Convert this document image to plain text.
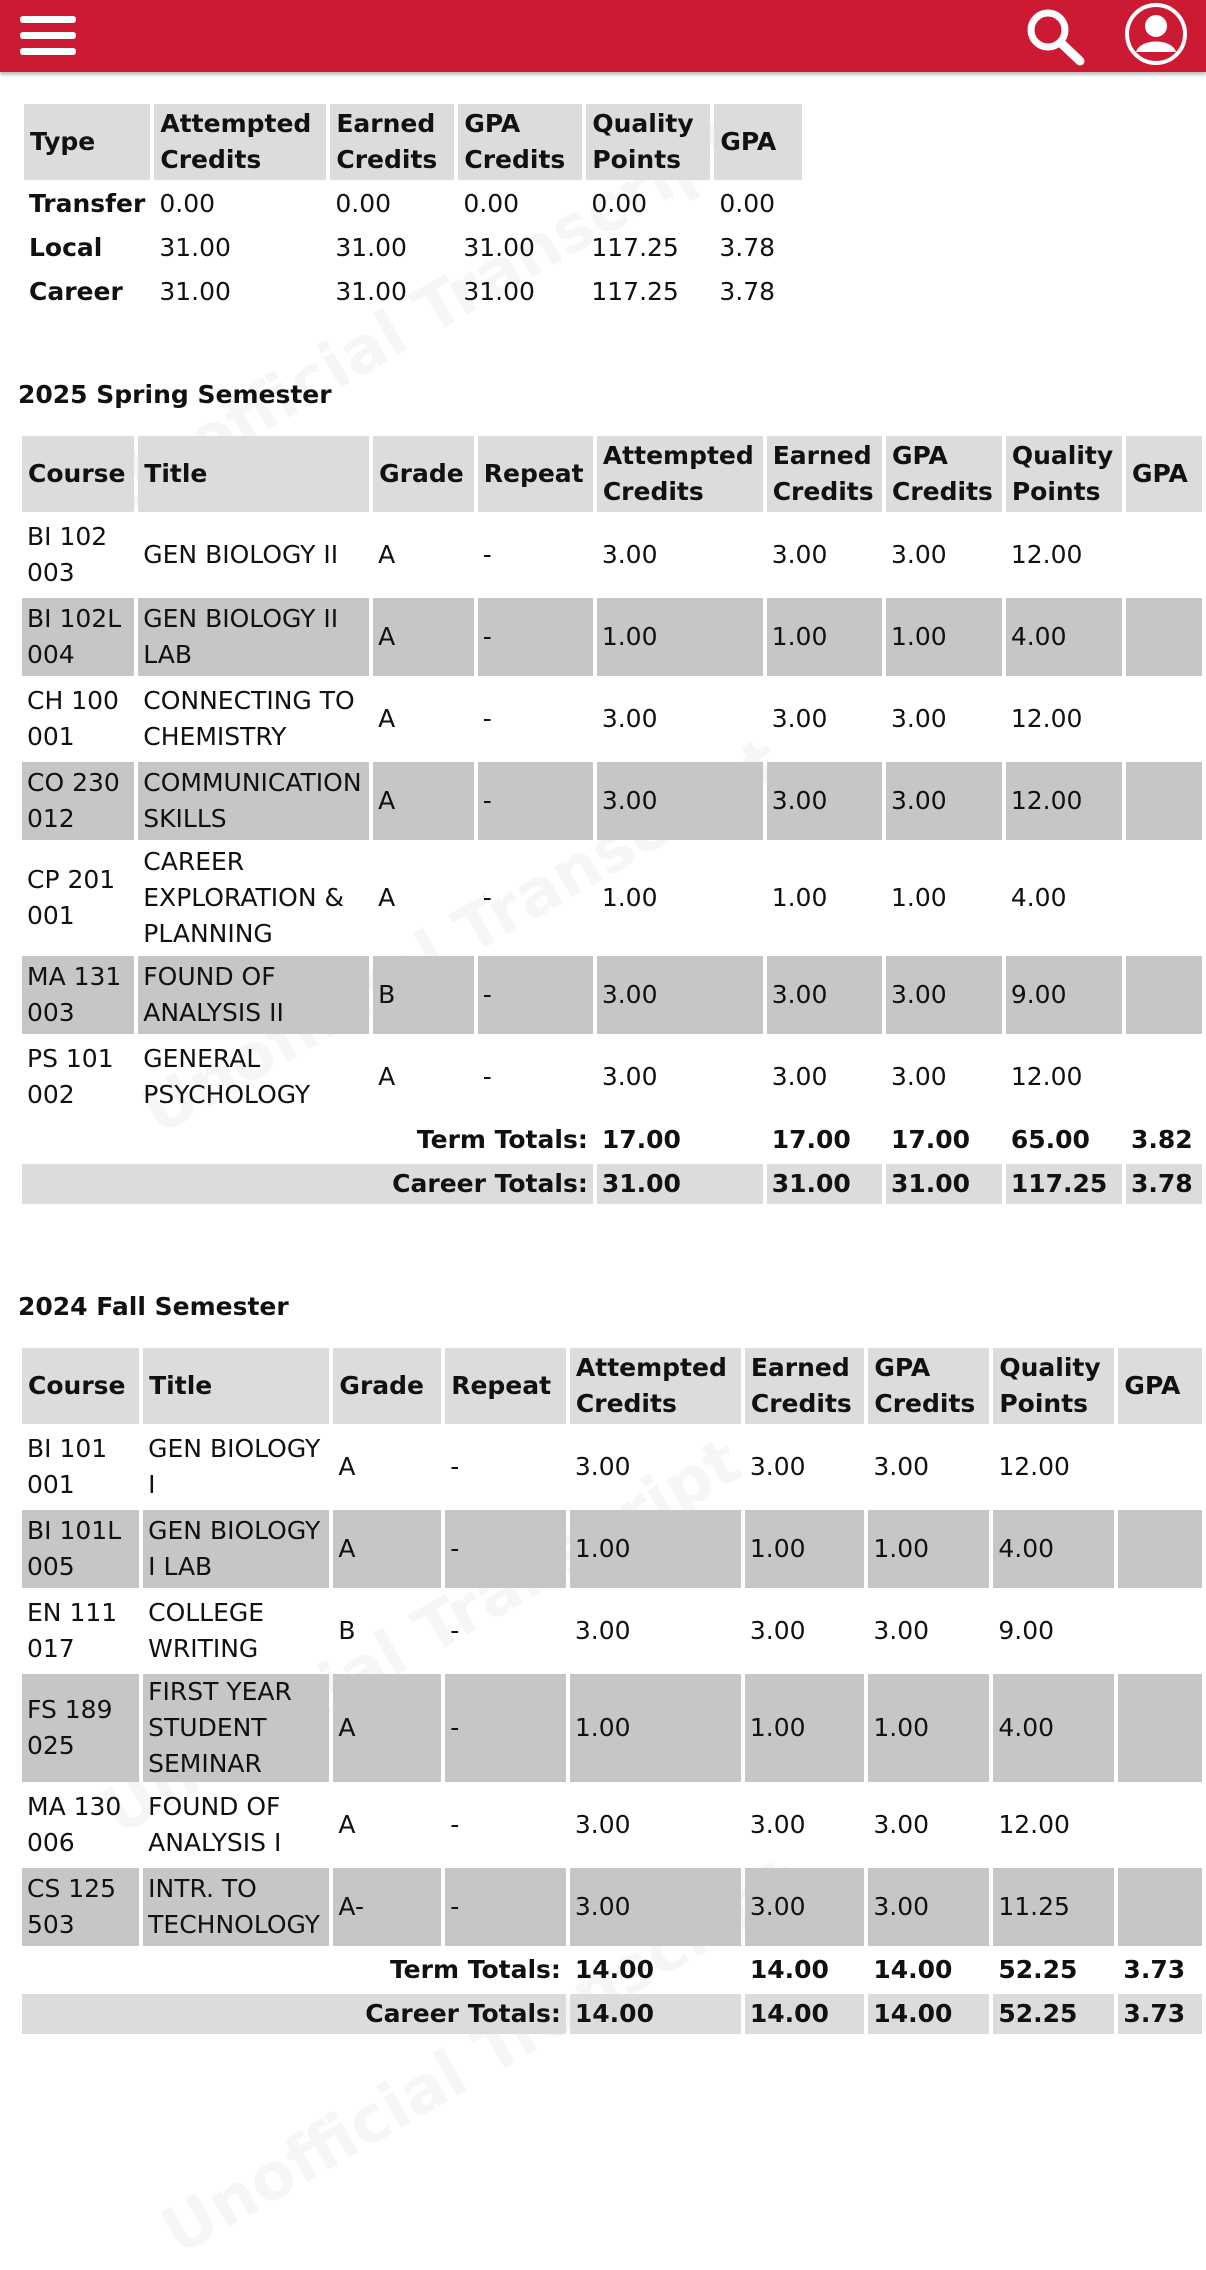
Type	Attempted Credits	Earned Credits	GPA Credits	Quality Points	GPA
Transfer	0.00	0.00	0.00	0.00	0.00
Local	31.00	31.00	31.00	117.25	3.78
Career	31.00	31.00	31.00	117.25	3.78
2025 Spring Semester
Course	Title	Grade	Repeat	Attempted Credits	Earned Credits	GPA Credits	Quality Points	GPA
BI 102 003	GEN BIOLOGY II	A	-	3.00	3.00	3.00	12.00	
BI 102L 004	GEN BIOLOGY II LAB	A	-	1.00	1.00	1.00	4.00	
CH 100 001	CONNECTING TO CHEMISTRY	A	-	3.00	3.00	3.00	12.00	
CO 230 012	COMMUNICATION SKILLS	A	-	3.00	3.00	3.00	12.00	
CP 201 001	CAREER EXPLORATION & PLANNING	A	-	1.00	1.00	1.00	4.00	
MA 131 003	FOUND OF ANALYSIS II	B	-	3.00	3.00	3.00	9.00	
PS 101 002	GENERAL PSYCHOLOGY	A	-	3.00	3.00	3.00	12.00	
Term Totals:				17.00	17.00	17.00	65.00	3.82
Career Totals:				31.00	31.00	31.00	117.25	3.78
2024 Fall Semester
Course	Title	Grade	Repeat	Attempted Credits	Earned Credits	GPA Credits	Quality Points	GPA
BI 101 001	GEN BIOLOGY I	A	-	3.00	3.00	3.00	12.00	
BI 101L 005	GEN BIOLOGY I LAB	A	-	1.00	1.00	1.00	4.00	
EN 111 017	COLLEGE WRITING	B	-	3.00	3.00	3.00	9.00	
FS 189 025	FIRST YEAR STUDENT SEMINAR	A	-	1.00	1.00	1.00	4.00	
MA 130 006	FOUND OF ANALYSIS I	A	-	3.00	3.00	3.00	12.00	
CS 125 503	INTR. TO TECHNOLOGY	A-	-	3.00	3.00	3.00	11.25	
Term Totals:				14.00	14.00	14.00	52.25	3.73
Career Totals:				14.00	14.00	14.00	52.25	3.73
